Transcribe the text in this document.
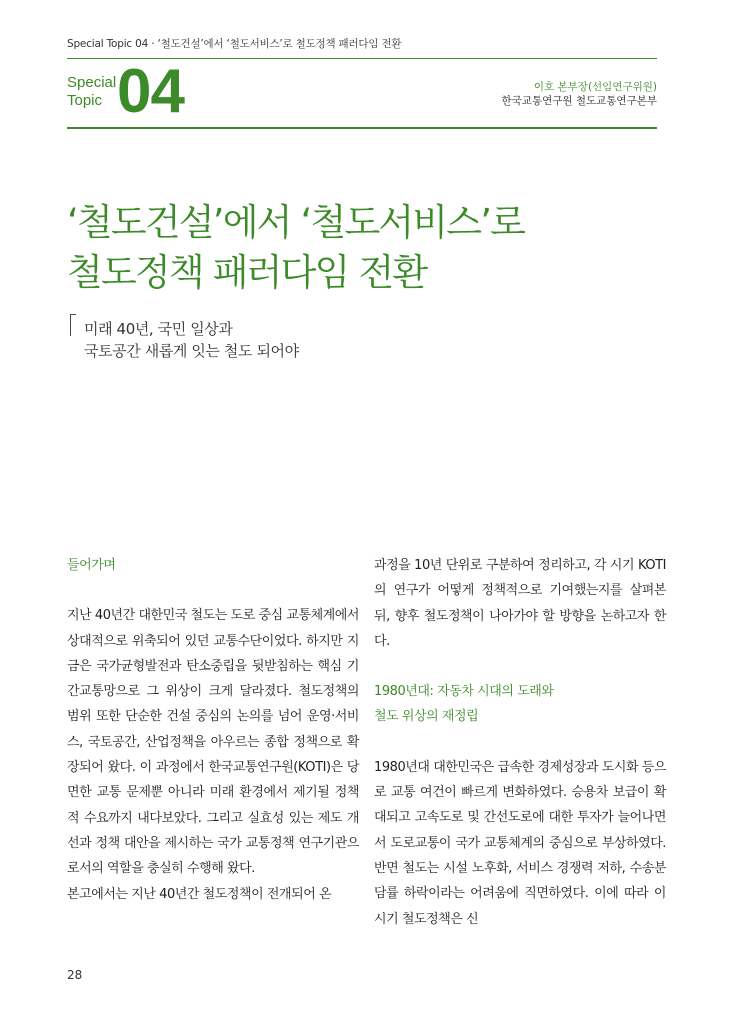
Special Topic 04 · ‘철도건설’에서 ‘철도서비스’로 철도정책 패러다임 전환
Special
Topic 04	이호 본부장(선임연구위원)
한국교통연구원 철도교통연구본부
‘철도건설’에서 ‘철도서비스’로
철도정책 패러다임 전환
미래 40년, 국민 일상과
국토공간 새롭게 잇는 철도 되어야

들어가며

지난 40년간 대한민국 철도는 도로 중심 교통체계에서 상대적으로 위축되어 있던 교통수단이었다. 하지만 지금은 국가균형발전과 탄소중립을 뒷받침하는 핵심 기간교통망으로 그 위상이 크게 달라졌다. 철도정책의 범위 또한 단순한 건설 중심의 논의를 넘어 운영·서비스, 국토공간, 산업정책을 아우르는 종합 정책으로 확장되어 왔다. 이 과정에서 한국교통연구원(KOTI)은 당면한 교통 문제뿐 아니라 미래 환경에서 제기될 정책적 수요까지 내다보았다. 그리고 실효성 있는 제도 개선과 정책 대안을 제시하는 국가 교통정책 연구기관으로서의 역할을 충실히 수행해 왔다.

본고에서는 지난 40년간 철도정책이 전개되어 온

과정을 10년 단위로 구분하여 정리하고, 각 시기 KOTI의 연구가 어떻게 정책적으로 기여했는지를 살펴본 뒤, 향후 철도정책이 나아가야 할 방향을 논하고자 한다.

1980년대: 자동차 시대의 도래와
철도 위상의 재정립

1980년대 대한민국은 급속한 경제성장과 도시화 등으로 교통 여건이 빠르게 변화하였다. 승용차 보급이 확대되고 고속도로 및 간선도로에 대한 투자가 늘어나면서 도로교통이 국가 교통체계의 중심으로 부상하였다. 반면 철도는 시설 노후화, 서비스 경쟁력 저하, 수송분담률 하락이라는 어려움에 직면하였다. 이에 따라 이 시기 철도정책은 신

28
